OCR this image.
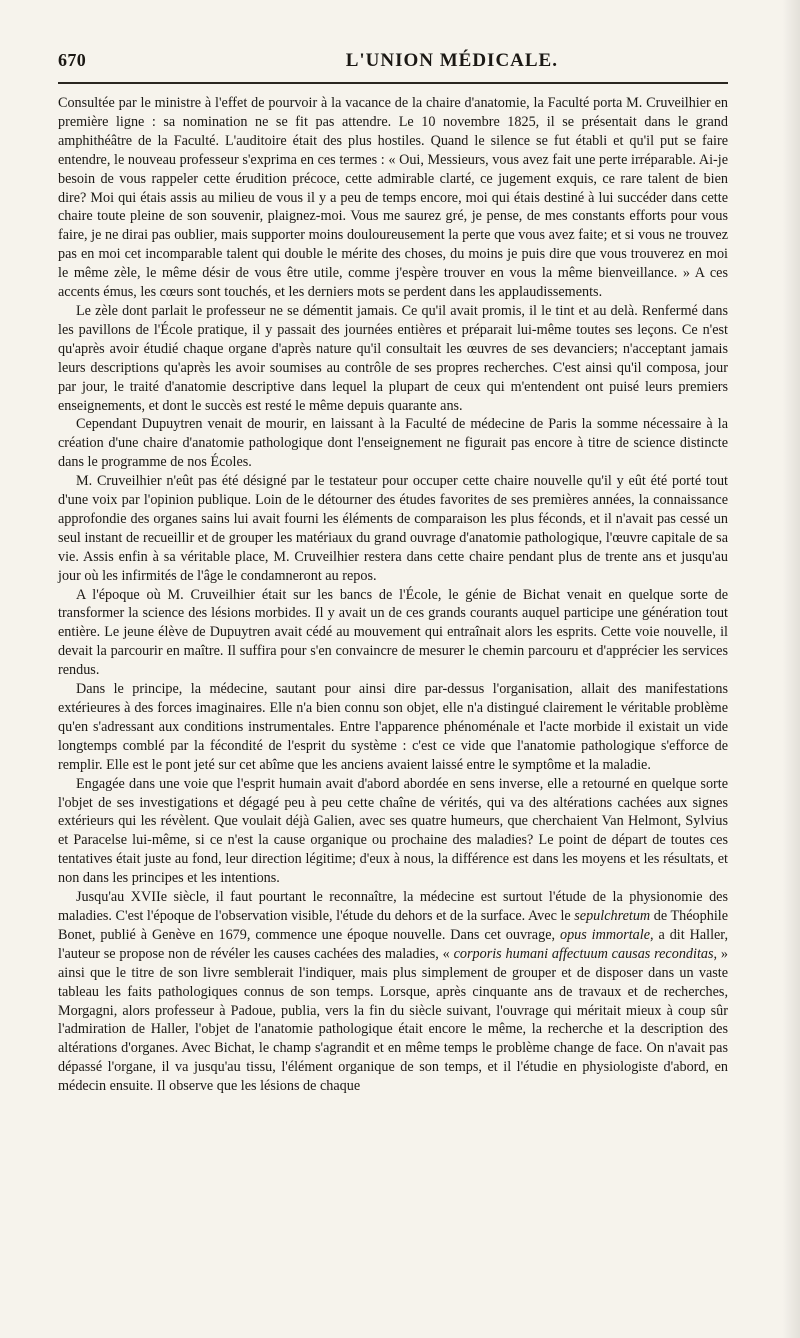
670	L'UNION MÉDICALE.

Consultée par le ministre à l'effet de pourvoir à la vacance de la chaire d'anatomie, la Faculté porta M. Cruveilhier en première ligne : sa nomination ne se fit pas attendre. Le 10 novembre 1825, il se présentait dans le grand amphithéâtre de la Faculté. L'auditoire était des plus hostiles. Quand le silence se fut établi et qu'il put se faire entendre, le nouveau professeur s'exprima en ces termes : « Oui, Messieurs, vous avez fait une perte irréparable. Ai-je besoin de vous rappeler cette érudition précoce, cette admirable clarté, ce jugement exquis, ce rare talent de bien dire? Moi qui étais assis au milieu de vous il y a peu de temps encore, moi qui étais destiné à lui succéder dans cette chaire toute pleine de son souvenir, plaignez-moi. Vous me saurez gré, je pense, de mes constants efforts pour vous faire, je ne dirai pas oublier, mais supporter moins douloureusement la perte que vous avez faite; et si vous ne trouvez pas en moi cet incomparable talent qui double le mérite des choses, du moins je puis dire que vous trouverez en moi le même zèle, le même désir de vous être utile, comme j'espère trouver en vous la même bienveillance. » A ces accents émus, les cœurs sont touchés, et les derniers mots se perdent dans les applaudissements.

Le zèle dont parlait le professeur ne se démentit jamais. Ce qu'il avait promis, il le tint et au delà. Renfermé dans les pavillons de l'École pratique, il y passait des journées entières et préparait lui-même toutes ses leçons. Ce n'est qu'après avoir étudié chaque organe d'après nature qu'il consultait les œuvres de ses devanciers; n'acceptant jamais leurs descriptions qu'après les avoir soumises au contrôle de ses propres recherches. C'est ainsi qu'il composa, jour par jour, le traité d'anatomie descriptive dans lequel la plupart de ceux qui m'entendent ont puisé leurs premiers enseignements, et dont le succès est resté le même depuis quarante ans.

Cependant Dupuytren venait de mourir, en laissant à la Faculté de médecine de Paris la somme nécessaire à la création d'une chaire d'anatomie pathologique dont l'enseignement ne figurait pas encore à titre de science distincte dans le programme de nos Écoles.

M. Cruveilhier n'eût pas été désigné par le testateur pour occuper cette chaire nouvelle qu'il y eût été porté tout d'une voix par l'opinion publique. Loin de le détourner des études favorites de ses premières années, la connaissance approfondie des organes sains lui avait fourni les éléments de comparaison les plus féconds, et il n'avait pas cessé un seul instant de recueillir et de grouper les matériaux du grand ouvrage d'anatomie pathologique, l'œuvre capitale de sa vie. Assis enfin à sa véritable place, M. Cruveilhier restera dans cette chaire pendant plus de trente ans et jusqu'au jour où les infirmités de l'âge le condamneront au repos.

A l'époque où M. Cruveilhier était sur les bancs de l'École, le génie de Bichat venait en quelque sorte de transformer la science des lésions morbides. Il y avait un de ces grands courants auquel participe une génération tout entière. Le jeune élève de Dupuytren avait cédé au mouvement qui entraînait alors les esprits. Cette voie nouvelle, il devait la parcourir en maître. Il suffira pour s'en convaincre de mesurer le chemin parcouru et d'apprécier les services rendus.

Dans le principe, la médecine, sautant pour ainsi dire par-dessus l'organisation, allait des manifestations extérieures à des forces imaginaires. Elle n'a bien connu son objet, elle n'a distingué clairement le véritable problème qu'en s'adressant aux conditions instrumentales. Entre l'apparence phénoménale et l'acte morbide il existait un vide longtemps comblé par la fécondité de l'esprit du système : c'est ce vide que l'anatomie pathologique s'efforce de remplir. Elle est le pont jeté sur cet abîme que les anciens avaient laissé entre le symptôme et la maladie.

Engagée dans une voie que l'esprit humain avait d'abord abordée en sens inverse, elle a retourné en quelque sorte l'objet de ses investigations et dégagé peu à peu cette chaîne de vérités, qui va des altérations cachées aux signes extérieurs qui les révèlent. Que voulait déjà Galien, avec ses quatre humeurs, que cherchaient Van Helmont, Sylvius et Paracelse lui-même, si ce n'est la cause organique ou prochaine des maladies? Le point de départ de toutes ces tentatives était juste au fond, leur direction légitime; d'eux à nous, la différence est dans les moyens et les résultats, et non dans les principes et les intentions.

Jusqu'au XVIIe siècle, il faut pourtant le reconnaître, la médecine est surtout l'étude de la physionomie des maladies. C'est l'époque de l'observation visible, l'étude du dehors et de la surface. Avec le sepulchretum de Théophile Bonet, publié à Genève en 1679, commence une époque nouvelle. Dans cet ouvrage, opus immortale, a dit Haller, l'auteur se propose non de révéler les causes cachées des maladies, « corporis humani affectuum causas reconditas, » ainsi que le titre de son livre semblerait l'indiquer, mais plus simplement de grouper et de disposer dans un vaste tableau les faits pathologiques connus de son temps. Lorsque, après cinquante ans de travaux et de recherches, Morgagni, alors professeur à Padoue, publia, vers la fin du siècle suivant, l'ouvrage qui méritait mieux à coup sûr l'admiration de Haller, l'objet de l'anatomie pathologique était encore le même, la recherche et la description des altérations d'organes. Avec Bichat, le champ s'agrandit et en même temps le problème change de face. On n'avait pas dépassé l'organe, il va jusqu'au tissu, l'élément organique de son temps, et il l'étudie en physiologiste d'abord, en médecin ensuite. Il observe que les lésions de chaque
